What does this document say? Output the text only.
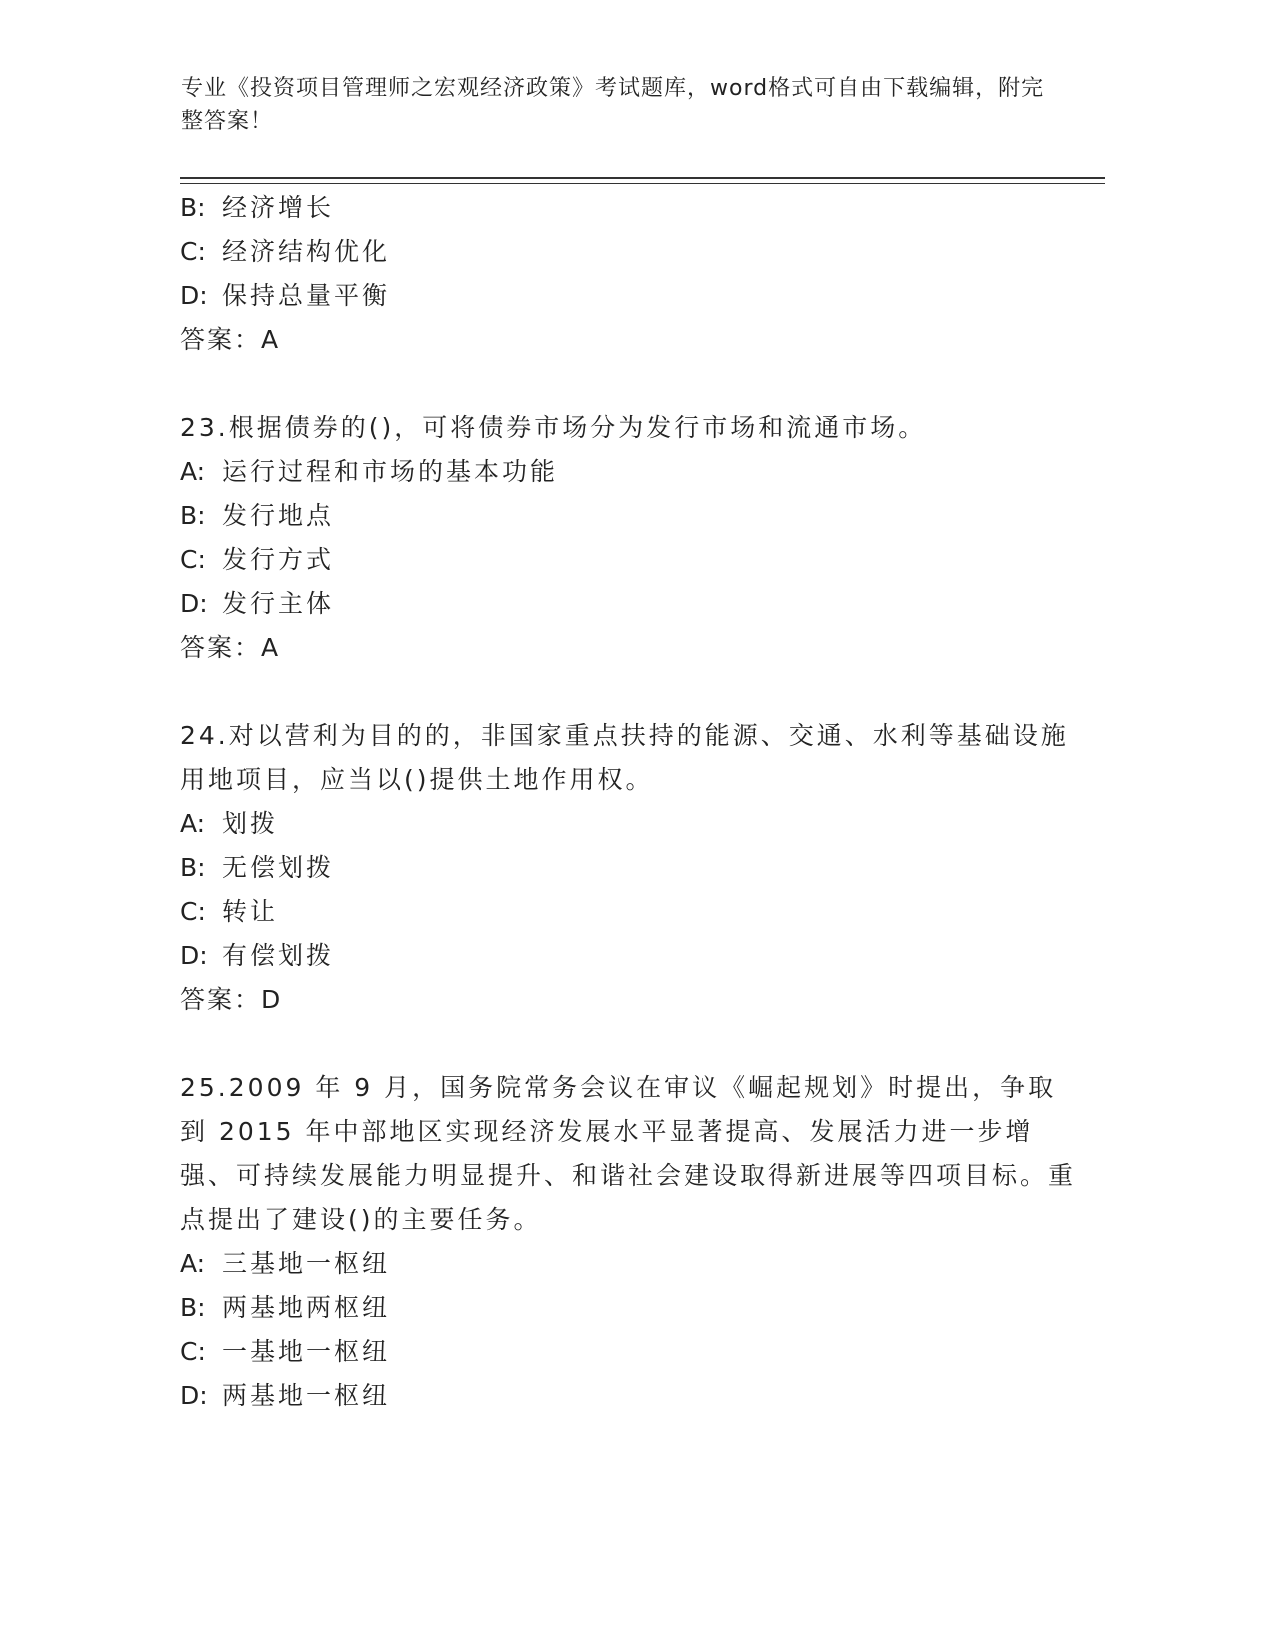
专业《投资项目管理师之宏观经济政策》考试题库，word格式可自由下载编辑，附完整答案！
B: 经济增长
C: 经济结构优化
D: 保持总量平衡
答案：A
23.根据债券的()，可将债券市场分为发行市场和流通市场。
A: 运行过程和市场的基本功能
B: 发行地点
C: 发行方式
D: 发行主体
答案：A
24.对以营利为目的的，非国家重点扶持的能源、交通、水利等基础设施用地项目，应当以()提供土地作用权。
A: 划拨
B: 无偿划拨
C: 转让
D: 有偿划拨
答案：D
25.2009 年 9 月，国务院常务会议在审议《崛起规划》时提出，争取到 2015 年中部地区实现经济发展水平显著提高、发展活力进一步增强、可持续发展能力明显提升、和谐社会建设取得新进展等四项目标。重点提出了建设()的主要任务。
A: 三基地一枢纽
B: 两基地两枢纽
C: 一基地一枢纽
D: 两基地一枢纽
